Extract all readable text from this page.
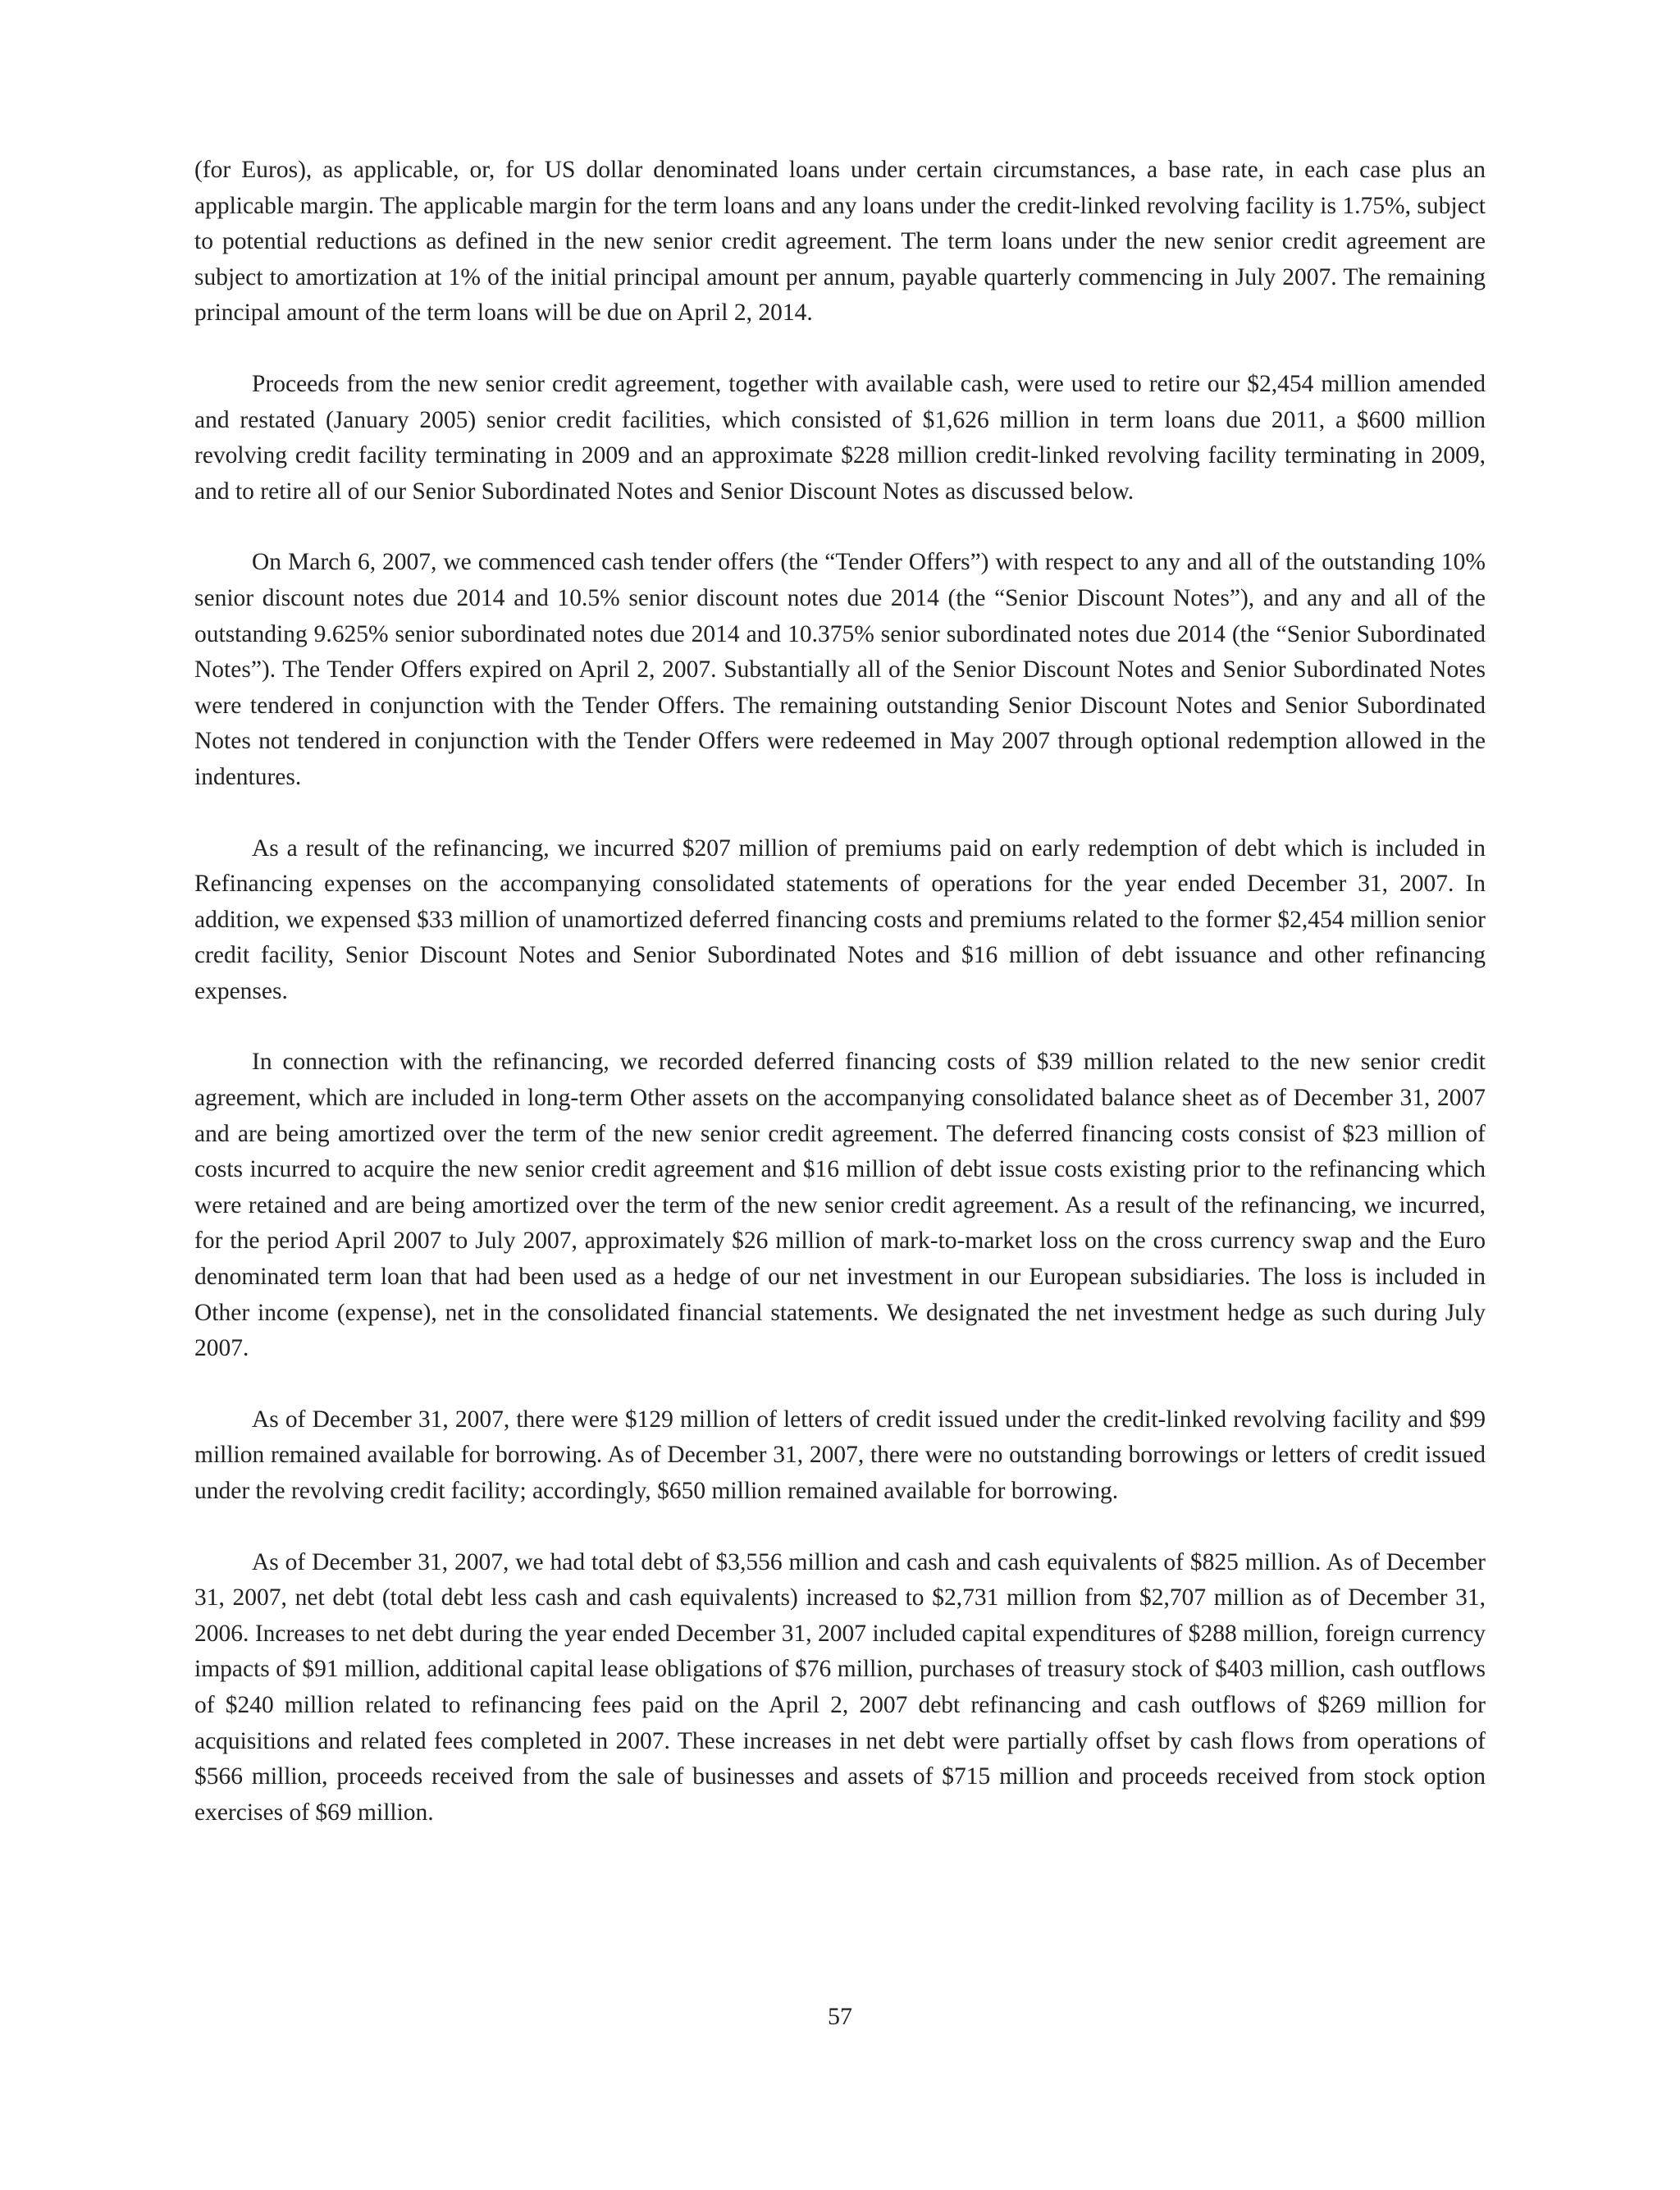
(for Euros), as applicable, or, for US dollar denominated loans under certain circumstances, a base rate, in each case plus an applicable margin. The applicable margin for the term loans and any loans under the credit-linked revolving facility is 1.75%, subject to potential reductions as defined in the new senior credit agreement. The term loans under the new senior credit agreement are subject to amortization at 1% of the initial principal amount per annum, payable quarterly commencing in July 2007. The remaining principal amount of the term loans will be due on April 2, 2014.

Proceeds from the new senior credit agreement, together with available cash, were used to retire our $2,454 million amended and restated (January 2005) senior credit facilities, which consisted of $1,626 million in term loans due 2011, a $600 million revolving credit facility terminating in 2009 and an approximate $228 million credit-linked revolving facility terminating in 2009, and to retire all of our Senior Subordinated Notes and Senior Discount Notes as discussed below.

On March 6, 2007, we commenced cash tender offers (the “Tender Offers”) with respect to any and all of the outstanding 10% senior discount notes due 2014 and 10.5% senior discount notes due 2014 (the “Senior Discount Notes”), and any and all of the outstanding 9.625% senior subordinated notes due 2014 and 10.375% senior subordinated notes due 2014 (the “Senior Subordinated Notes”). The Tender Offers expired on April 2, 2007. Substantially all of the Senior Discount Notes and Senior Subordinated Notes were tendered in conjunction with the Tender Offers. The remaining outstanding Senior Discount Notes and Senior Subordinated Notes not tendered in conjunction with the Tender Offers were redeemed in May 2007 through optional redemption allowed in the indentures.

As a result of the refinancing, we incurred $207 million of premiums paid on early redemption of debt which is included in Refinancing expenses on the accompanying consolidated statements of operations for the year ended December 31, 2007. In addition, we expensed $33 million of unamortized deferred financing costs and premiums related to the former $2,454 million senior credit facility, Senior Discount Notes and Senior Subordinated Notes and $16 million of debt issuance and other refinancing expenses.

In connection with the refinancing, we recorded deferred financing costs of $39 million related to the new senior credit agreement, which are included in long-term Other assets on the accompanying consolidated balance sheet as of December 31, 2007 and are being amortized over the term of the new senior credit agreement. The deferred financing costs consist of $23 million of costs incurred to acquire the new senior credit agreement and $16 million of debt issue costs existing prior to the refinancing which were retained and are being amortized over the term of the new senior credit agreement. As a result of the refinancing, we incurred, for the period April 2007 to July 2007, approximately $26 million of mark-to-market loss on the cross currency swap and the Euro denominated term loan that had been used as a hedge of our net investment in our European subsidiaries. The loss is included in Other income (expense), net in the consolidated financial statements. We designated the net investment hedge as such during July 2007.

As of December 31, 2007, there were $129 million of letters of credit issued under the credit-linked revolving facility and $99 million remained available for borrowing. As of December 31, 2007, there were no outstanding borrowings or letters of credit issued under the revolving credit facility; accordingly, $650 million remained available for borrowing.

As of December 31, 2007, we had total debt of $3,556 million and cash and cash equivalents of $825 million. As of December 31, 2007, net debt (total debt less cash and cash equivalents) increased to $2,731 million from $2,707 million as of December 31, 2006. Increases to net debt during the year ended December 31, 2007 included capital expenditures of $288 million, foreign currency impacts of $91 million, additional capital lease obligations of $76 million, purchases of treasury stock of $403 million, cash outflows of $240 million related to refinancing fees paid on the April 2, 2007 debt refinancing and cash outflows of $269 million for acquisitions and related fees completed in 2007. These increases in net debt were partially offset by cash flows from operations of $566 million, proceeds received from the sale of businesses and assets of $715 million and proceeds received from stock option exercises of $69 million.

57
